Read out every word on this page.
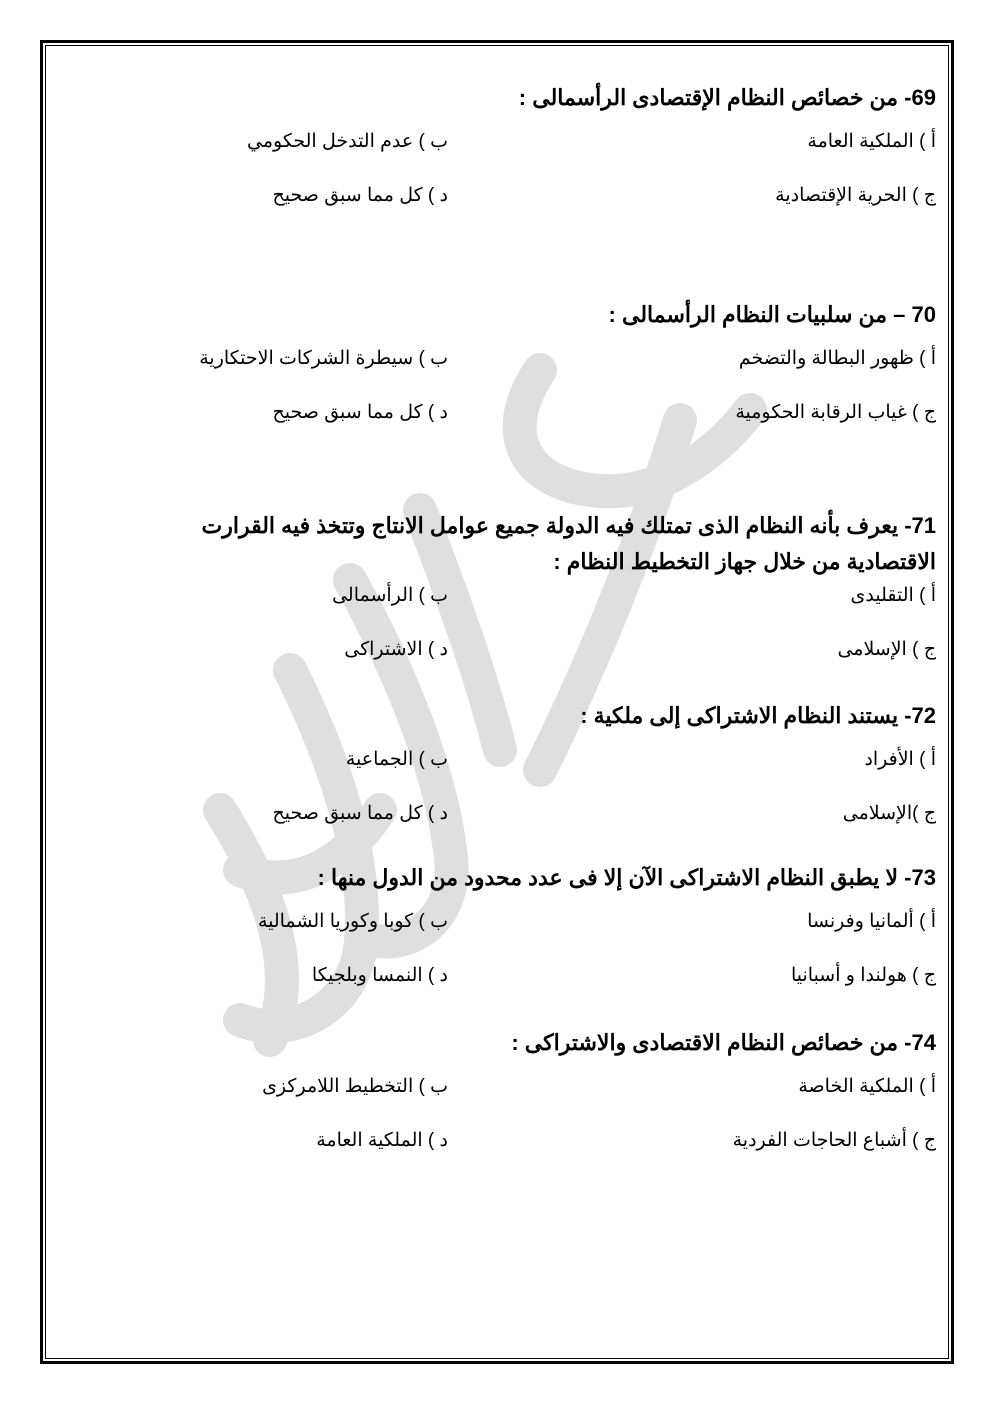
69- من خصائص النظام الإقتصادى الرأسمالى :

أ ) الملكية العامة
ب ) عدم التدخل الحكومي
ج ) الحرية الإقتصادية
د ) كل مما سبق صحيح

70 – من سلبيات النظام الرأسمالى :

أ ) ظهور البطالة والتضخم
ب ) سيطرة الشركات الاحتكارية
ج ) غياب الرقابة الحكومية
د ) كل مما سبق صحيح

71- يعرف بأنه النظام الذى تمتلك فيه الدولة جميع عوامل الانتاج وتتخذ فيه القرارت

الاقتصادية من خلال جهاز التخطيط النظام :

أ ) التقليدى
ب ) الرأسمالى
ج ) الإسلامى
د ) الاشتراكى

72- يستند النظام الاشتراكى إلى ملكية :

أ ) الأفراد
ب ) الجماعية
ج )الإسلامى
د ) كل مما سبق صحيح

73- لا يطبق النظام الاشتراكى الآن إلا فى عدد محدود من الدول منها :

أ ) ألمانيا وفرنسا
ب ) كوبا وكوريا الشمالية
ج ) هولندا و أسبانيا
د ) النمسا وبلجيكا

74- من خصائص النظام الاقتصادى والاشتراكى :

أ ) الملكية الخاصة
ب ) التخطيط اللامركزى
ج ) أشباع الحاجات الفردية
د ) الملكية العامة
